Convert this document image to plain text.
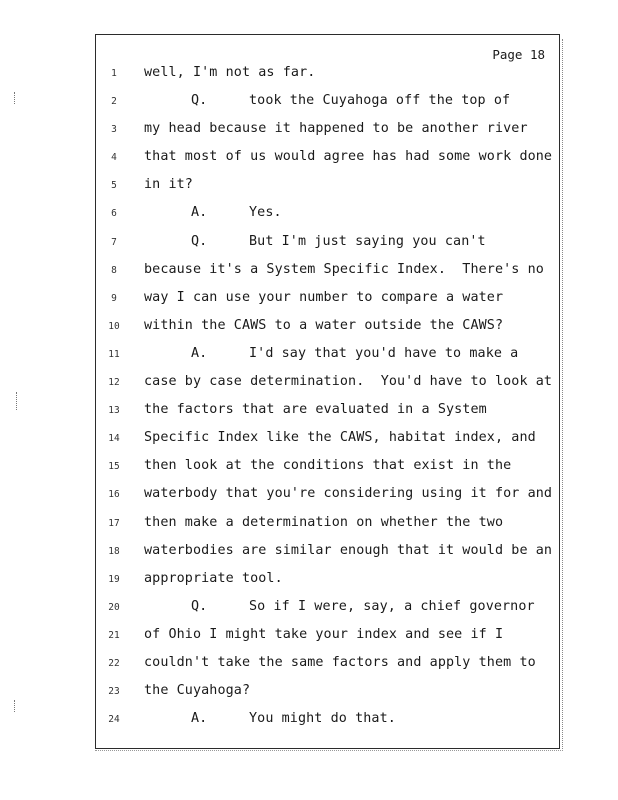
Page 18
1	well, I'm not as far.
2	Q.	took the Cuyahoga off the top of
3	my head because it happened to be another river
4	that most of us would agree has had some work done
5	in it?
6	A.	Yes.
7	Q.	But I'm just saying you can't
8	because it's a System Specific Index.  There's no
9	way I can use your number to compare a water
10 within the CAWS to a water outside the CAWS?
11	A.	I'd say that you'd have to make a
12 case by case determination.  You'd have to look at
13 the factors that are evaluated in a System
14 Specific Index like the CAWS, habitat index, and
15 then look at the conditions that exist in the
16 waterbody that you're considering using it for and
17 then make a determination on whether the two
18 waterbodies are similar enough that it would be an
19 appropriate tool.
20	Q.	So if I were, say, a chief governor
21 of Ohio I might take your index and see if I
22 couldn't take the same factors and apply them to
23 the Cuyahoga?
24	A.	You might do that.
